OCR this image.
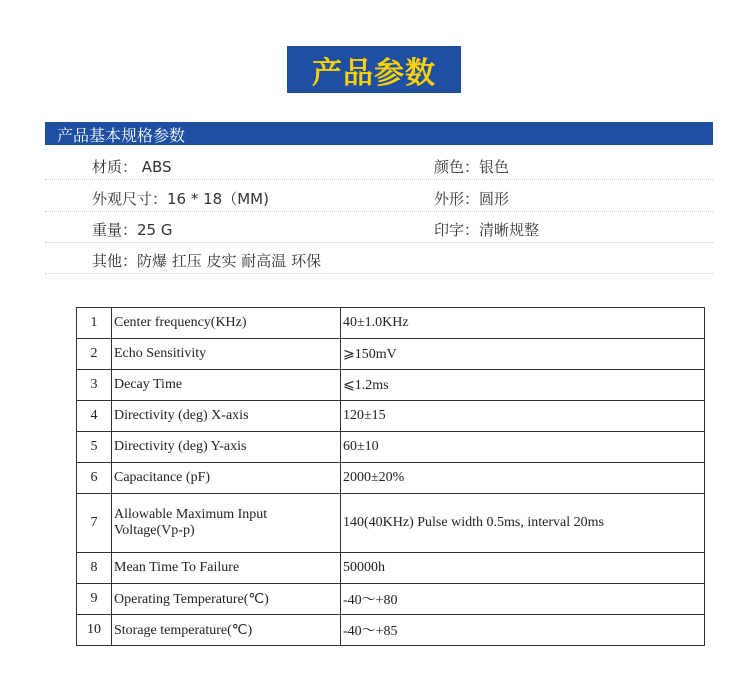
产品参数
产品基本规格参数
材质： ABS	颜色：银色
外观尺寸：16 * 18（MM)	外形：圆形
重量：25 G	印字：清晰规整
其他：防爆 扛压 皮实 耐高温 环保
1	Center frequency(KHz)	40±1.0KHz
2	Echo Sensitivity	⩾150mV
3	Decay Time	⩽1.2ms
4	Directivity (deg) X-axis	120±15
5	Directivity (deg) Y-axis	60±10
6	Capacitance (pF)	2000±20%
7	Allowable Maximum Input Voltage(Vp-p)	140(40KHz) Pulse width 0.5ms, interval 20ms
8	Mean Time To Failure	50000h
9	Operating Temperature(℃)	-40～+80
10	Storage temperature(℃)	-40～+85
